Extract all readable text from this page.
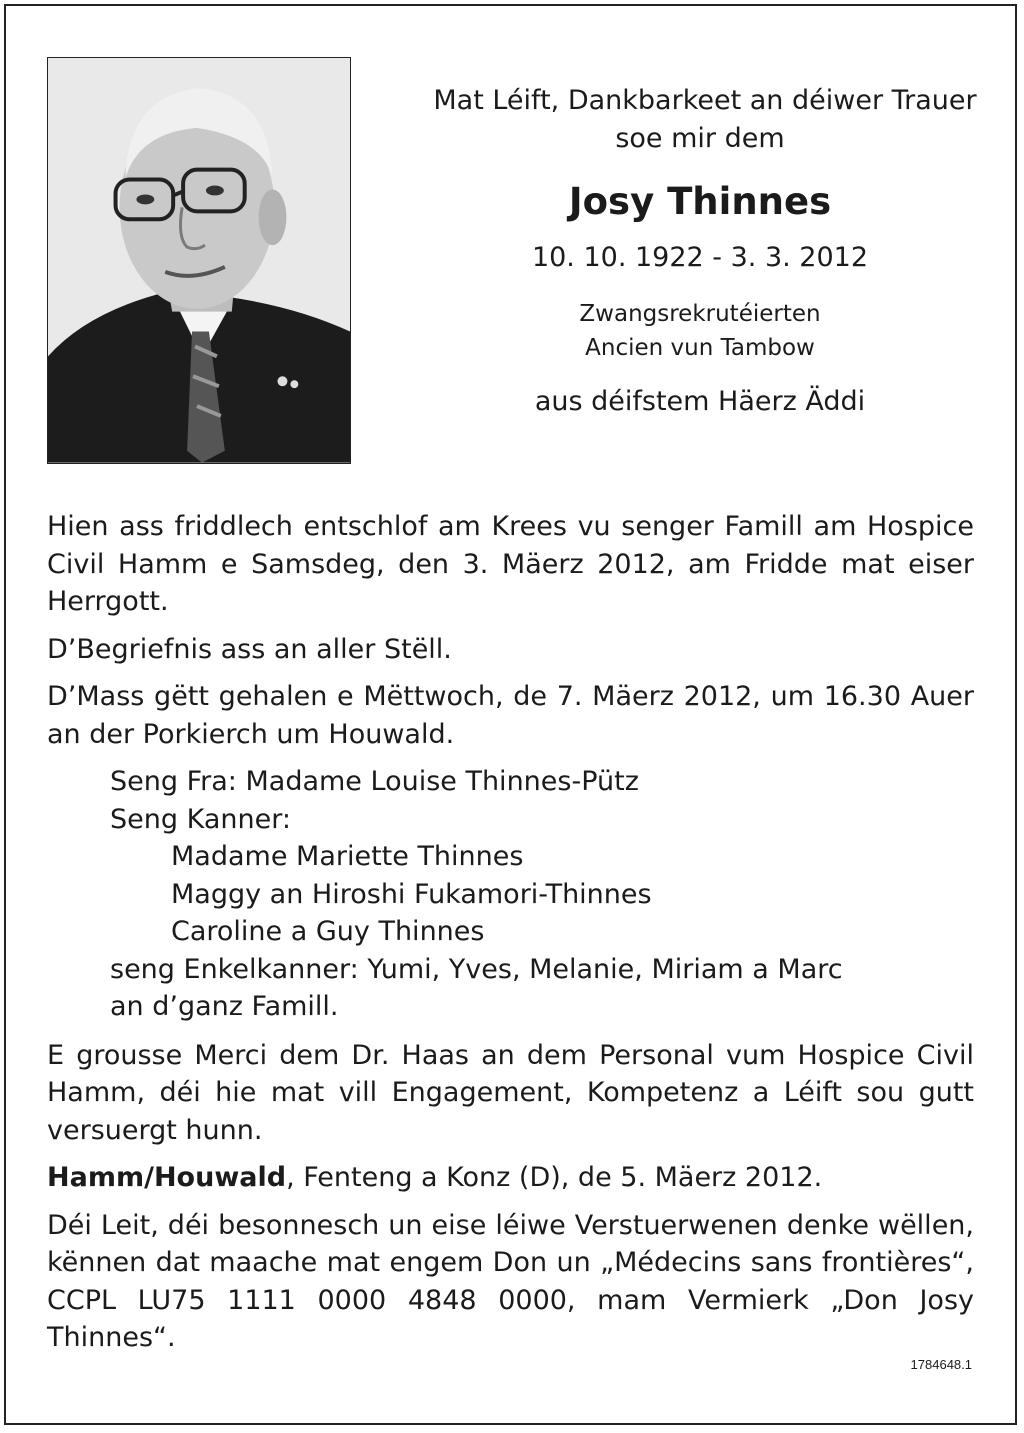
Mat Léift, Dankbarkeet an déiwer Trauer
soe mir dem
Josy Thinnes
10. 10. 1922 - 3. 3. 2012
Zwangsrekrutéierten
Ancien vun Tambow
aus déifstem Häerz Äddi

Hien ass friddlech entschlof am Krees vu senger Famill am Hospice Civil Hamm e Samsdeg, den 3. Mäerz 2012, am Fridde mat eiser Herrgott.

D’Begriefnis ass an aller Stëll.

D’Mass gëtt gehalen e Mëttwoch, de 7. Mäerz 2012, um 16.30 Auer an der Porkierch um Houwald.

Seng Fra: Madame Louise Thinnes-Pütz
Seng Kanner:
Madame Mariette Thinnes
Maggy an Hiroshi Fukamori-Thinnes
Caroline a Guy Thinnes
seng Enkelkanner: Yumi, Yves, Melanie, Miriam a Marc
an d’ganz Famill.

E grousse Merci dem Dr. Haas an dem Personal vum Hospice Civil Hamm, déi hie mat vill Engagement, Kompetenz a Léift sou gutt versuergt hunn.

Hamm/Houwald, Fenteng a Konz (D), de 5. Mäerz 2012.

Déi Leit, déi besonnesch un eise léiwe Verstuerwenen denke wëllen, kënnen dat maache mat engem Don un „Médecins sans frontières“, CCPL LU75 1111 0000 4848 0000, mam Vermierk „Don Josy Thinnes“.

1784648.1
